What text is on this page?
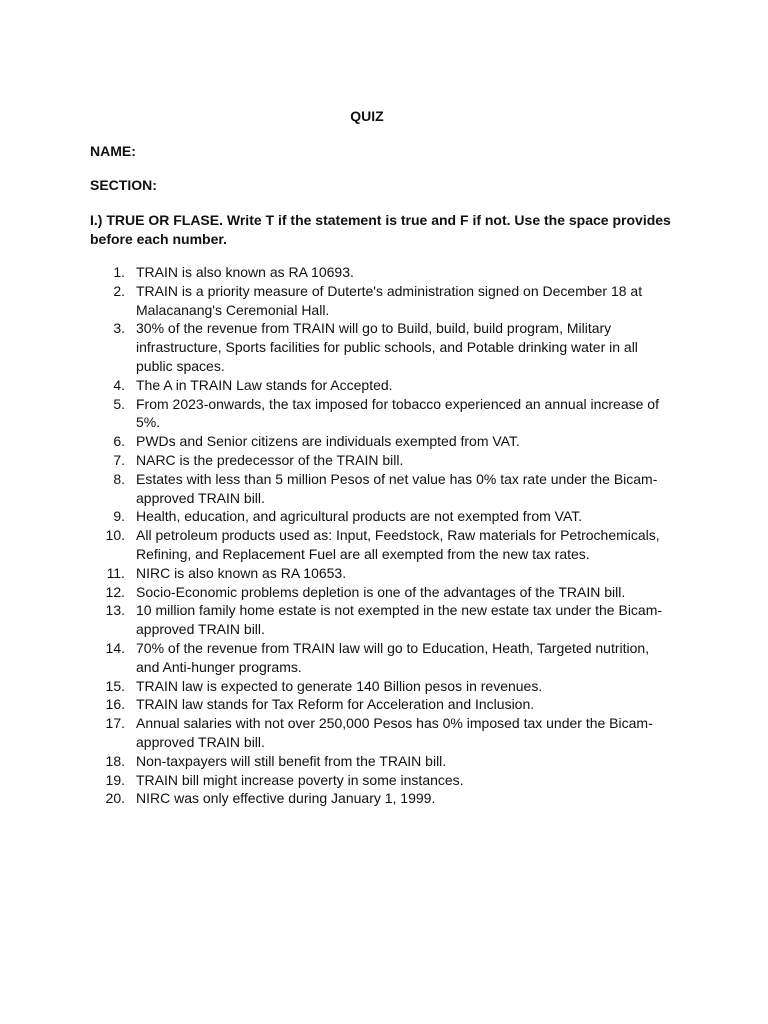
QUIZ
NAME:
SECTION:
I.) TRUE OR FLASE. Write T if the statement is true and F if not. Use the space provides before each number.
1. TRAIN is also known as RA 10693.
2. TRAIN is a priority measure of Duterte's administration signed on December 18 at Malacanang's Ceremonial Hall.
3. 30% of the revenue from TRAIN will go to Build, build, build program, Military infrastructure, Sports facilities for public schools, and Potable drinking water in all public spaces.
4. The A in TRAIN Law stands for Accepted.
5. From 2023-onwards, the tax imposed for tobacco experienced an annual increase of 5%.
6. PWDs and Senior citizens are individuals exempted from VAT.
7. NARC is the predecessor of the TRAIN bill.
8. Estates with less than 5 million Pesos of net value has 0% tax rate under the Bicam-approved TRAIN bill.
9. Health, education, and agricultural products are not exempted from VAT.
10. All petroleum products used as: Input, Feedstock, Raw materials for Petrochemicals, Refining, and Replacement Fuel are all exempted from the new tax rates.
11. NIRC is also known as RA 10653.
12. Socio-Economic problems depletion is one of the advantages of the TRAIN bill.
13. 10 million family home estate is not exempted in the new estate tax under the Bicam-approved TRAIN bill.
14. 70% of the revenue from TRAIN law will go to Education, Heath, Targeted nutrition, and Anti-hunger programs.
15. TRAIN law is expected to generate 140 Billion pesos in revenues.
16. TRAIN law stands for Tax Reform for Acceleration and Inclusion.
17. Annual salaries with not over 250,000 Pesos has 0% imposed tax under the Bicam-approved TRAIN bill.
18. Non-taxpayers will still benefit from the TRAIN bill.
19. TRAIN bill might increase poverty in some instances.
20. NIRC was only effective during January 1, 1999.
